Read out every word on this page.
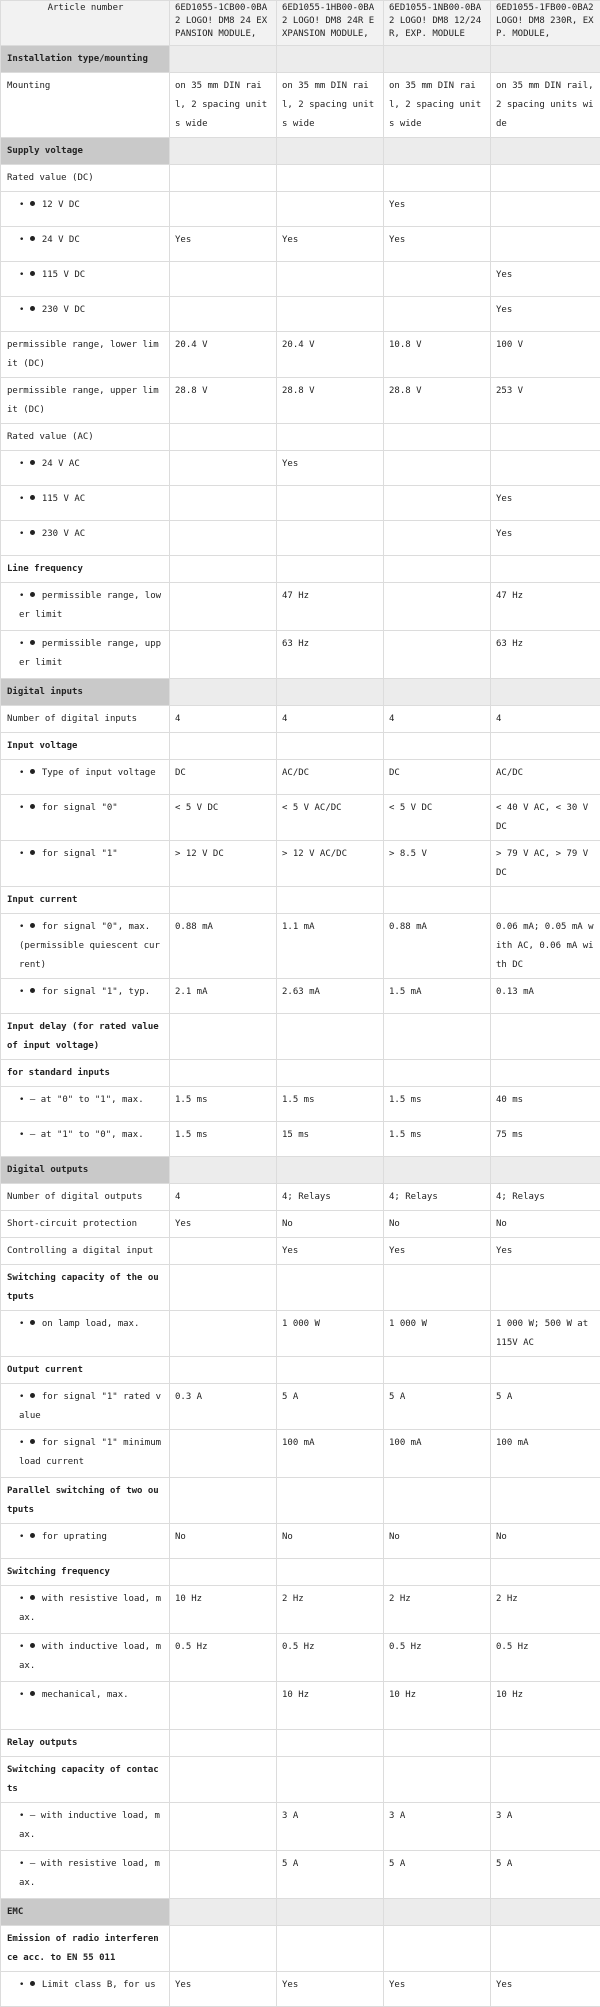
Article number	6ED1055-1CB00-0BA2 LOGO! DM8 24 EXPANSION MODULE,	6ED1055-1HB00-0BA2 LOGO! DM8 24R EXPANSION MODULE,	6ED1055-1NB00-0BA2 LOGO! DM8 12/24R, EXP. MODULE	6ED1055-1FB00-0BA2 LOGO! DM8 230R, EXP. MODULE,
Installation type/mounting				
Mounting	on 35 mm DIN rail, 2 spacing units wide	on 35 mm DIN rail, 2 spacing units wide	on 35 mm DIN rail, 2 spacing units wide	on 35 mm DIN rail, 2 spacing units wide
Supply voltage				
Rated value (DC)				
• 12 V DC			Yes	
• 24 V DC	Yes	Yes	Yes	
• 115 V DC				Yes
• 230 V DC				Yes
permissible range, lower limit (DC)	20.4 V	20.4 V	10.8 V	100 V
permissible range, upper limit (DC)	28.8 V	28.8 V	28.8 V	253 V
Rated value (AC)				
• 24 V AC		Yes		
• 115 V AC				Yes
• 230 V AC				Yes
Line frequency				
• permissible range, lower limit		47 Hz		47 Hz
• permissible range, upper limit		63 Hz		63 Hz
Digital inputs				
Number of digital inputs	4	4	4	4
Input voltage				
• Type of input voltage	DC	AC/DC	DC	AC/DC
• for signal "0"	< 5 V DC	< 5 V AC/DC	< 5 V DC	< 40 V AC, < 30 V DC
• for signal "1"	> 12 V DC	> 12 V AC/DC	> 8.5 V	> 79 V AC, > 79 V DC
Input current				
• for signal "0", max. (permissible quiescent current)	0.88 mA	1.1 mA	0.88 mA	0.06 mA; 0.05 mA with AC, 0.06 mA with DC
• for signal "1", typ.	2.1 mA	2.63 mA	1.5 mA	0.13 mA
Input delay (for rated value of input voltage)				
for standard inputs				
• — at "0" to "1", max.	1.5 ms	1.5 ms	1.5 ms	40 ms
• — at "1" to "0", max.	1.5 ms	15 ms	1.5 ms	75 ms
Digital outputs				
Number of digital outputs	4	4; Relays	4; Relays	4; Relays
Short-circuit protection	Yes	No	No	No
Controlling a digital input		Yes	Yes	Yes
Switching capacity of the outputs				
• on lamp load, max.		1 000 W	1 000 W	1 000 W; 500 W at 115V AC
Output current				
• for signal "1" rated value	0.3 A	5 A	5 A	5 A
• for signal "1" minimum load current		100 mA	100 mA	100 mA
Parallel switching of two outputs				
• for uprating	No	No	No	No
Switching frequency				
• with resistive load, max.	10 Hz	2 Hz	2 Hz	2 Hz
• with inductive load, max.	0.5 Hz	0.5 Hz	0.5 Hz	0.5 Hz
• mechanical, max.		10 Hz	10 Hz	10 Hz
Relay outputs				
Switching capacity of contacts				
• — with inductive load, max.		3 A	3 A	3 A
• — with resistive load, max.		5 A	5 A	5 A
EMC				
Emission of radio interference acc. to EN 55 011				
• Limit class B, for us	Yes	Yes	Yes	Yes
